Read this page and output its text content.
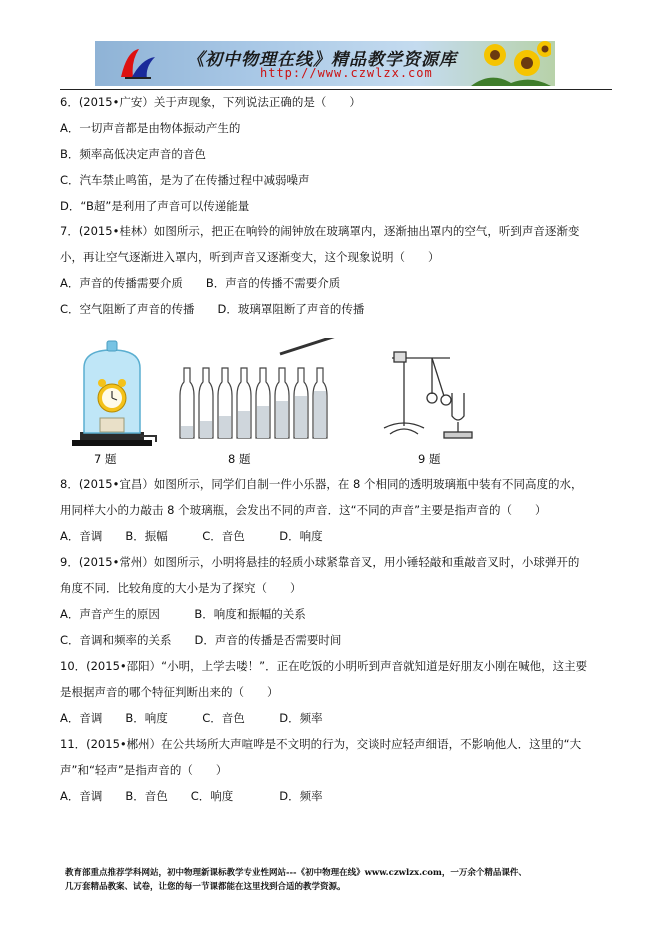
《初中物理在线》精品教学资源库
http://www.czwlzx.com
6．(2015•广安）关于声现象，下列说法正确的是（　　）
A．一切声音都是由物体振动产生的
B．频率高低决定声音的音色
C．汽车禁止鸣笛，是为了在传播过程中减弱噪声
D．“B超”是利用了声音可以传递能量
7．(2015•桂林）如图所示，把正在响铃的闹钟放在玻璃罩内，逐渐抽出罩内的空气，听到声音逐渐变
小，再让空气逐渐进入罩内，听到声音又逐渐变大，这个现象说明（　　）
A．声音的传播需要介质　　B．声音的传播不需要介质
C．空气阻断了声音的传播　　D．玻璃罩阻断了声音的传播
7 题	8 题	9 题
8．(2015•宜昌）如图所示，同学们自制一件小乐器，在 8 个相同的透明玻璃瓶中装有不同高度的水，
用同样大小的力敲击 8 个玻璃瓶，会发出不同的声音．这“不同的声音”主要是指声音的（　　）
A．音调　　B．振幅　　　C．音色　　　D．响度
9．(2015•常州）如图所示，小明将悬挂的轻质小球紧靠音叉，用小锤轻敲和重敲音叉时，小球弹开的
角度不同．比较角度的大小是为了探究（　　）
A．声音产生的原因　　　B．响度和振幅的关系
C．音调和频率的关系　　D．声音的传播是否需要时间
10．(2015•邵阳）“小明，上学去喽！”．正在吃饭的小明听到声音就知道是好朋友小刚在喊他，这主要
是根据声音的哪个特征判断出来的（　　）
A．音调　　B．响度　　　C．音色　　　D．频率
11．(2015•郴州）在公共场所大声喧哗是不文明的行为，交谈时应轻声细语，不影响他人．这里的“大
声”和“轻声”是指声音的（　　）
A．音调　　B．音色　　C．响度　　　　D．频率
教育部重点推荐学科网站，初中物理新课标教学专业性网站---《初中物理在线》www.czwlzx.com，一万余个精品课件、
几万套精品教案、试卷，让您的每一节课都能在这里找到合适的教学资源。
